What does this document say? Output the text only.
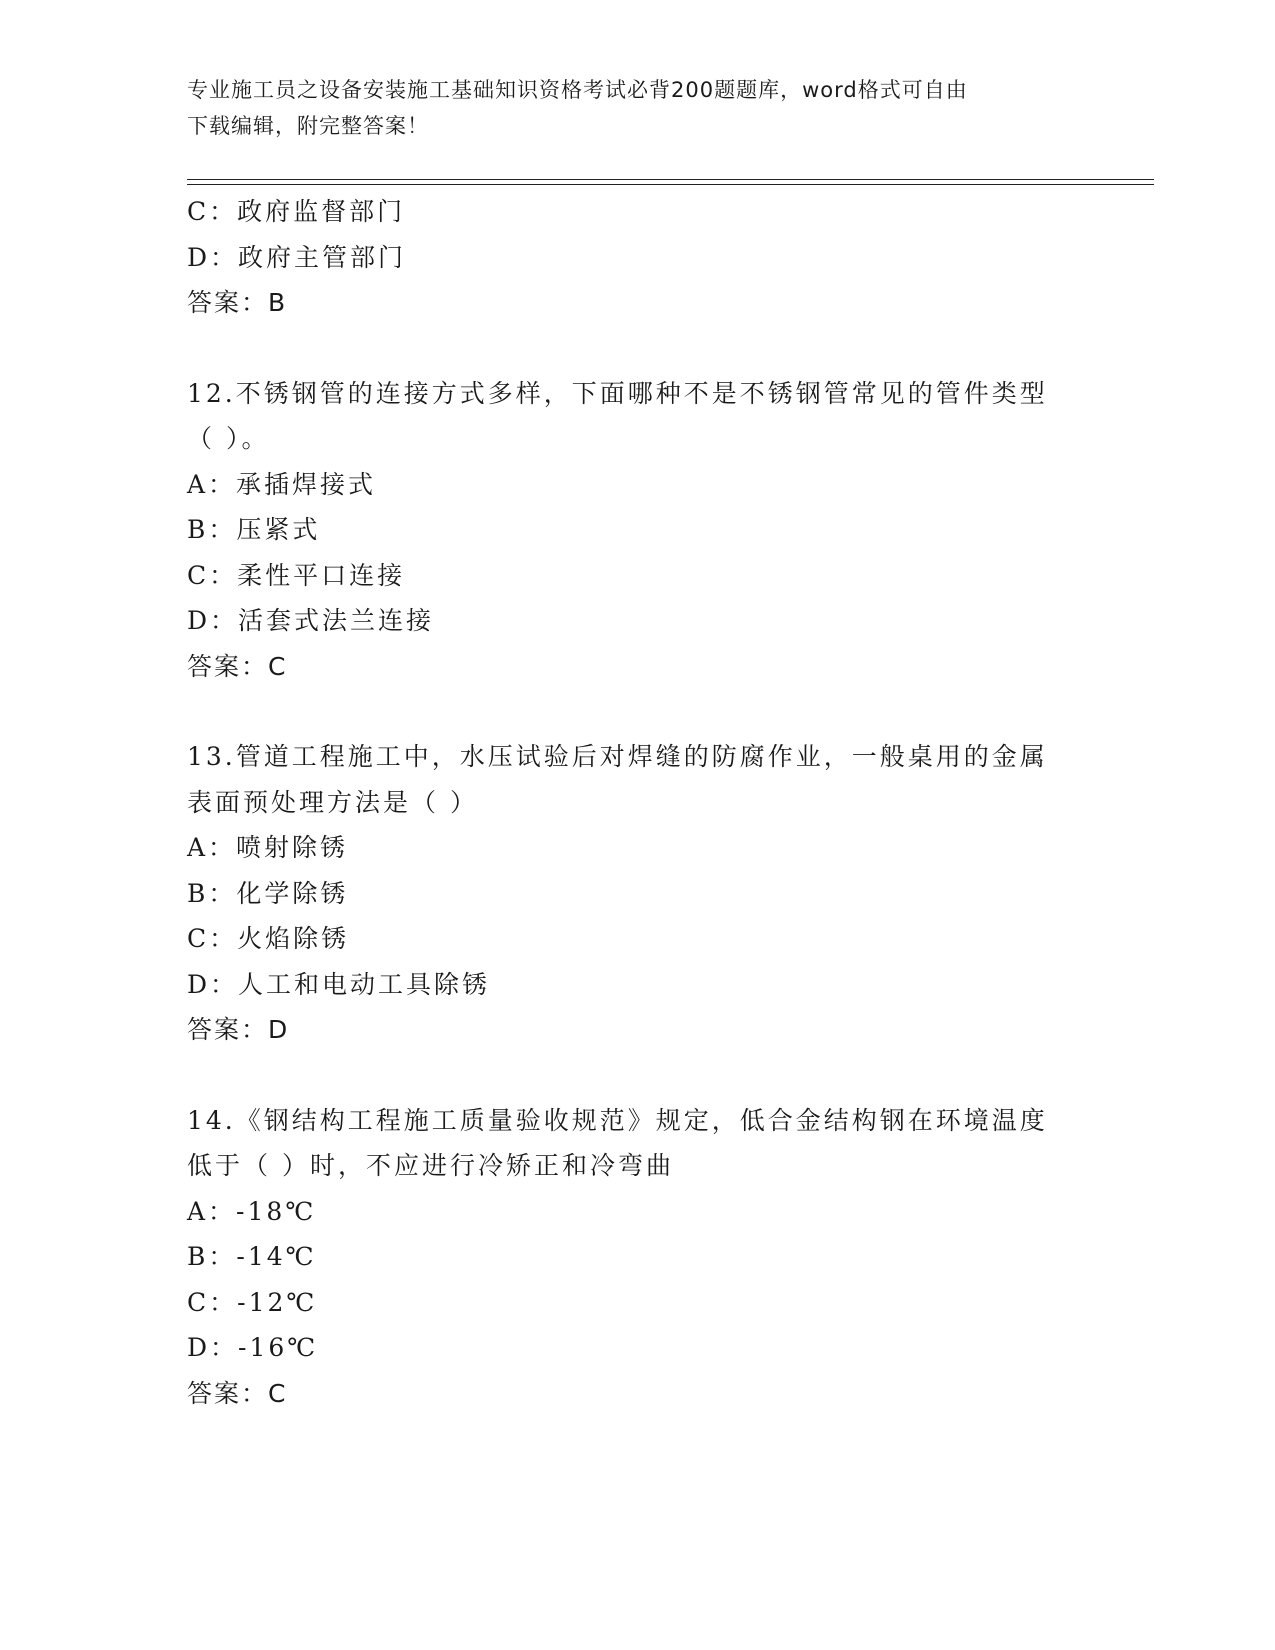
专业施工员之设备安装施工基础知识资格考试必背200题题库，word格式可自由
下载编辑，附完整答案！
C：政府监督部门
D：政府主管部门
答案：B
12.不锈钢管的连接方式多样，下面哪种不是不锈钢管常见的管件类型
（ ）。
A：承插焊接式
B：压紧式
C：柔性平口连接
D：活套式法兰连接
答案：C
13.管道工程施工中，水压试验后对焊缝的防腐作业，一般桌用的金属
表面预处理方法是（ ）
A：喷射除锈
B：化学除锈
C：火焰除锈
D：人工和电动工具除锈
答案：D
14.《钢结构工程施工质量验收规范》规定，低合金结构钢在环境温度
低于（ ）时，不应进行冷矫正和冷弯曲
A：-18℃
B：-14℃
C：-12℃
D：-16℃
答案：C
